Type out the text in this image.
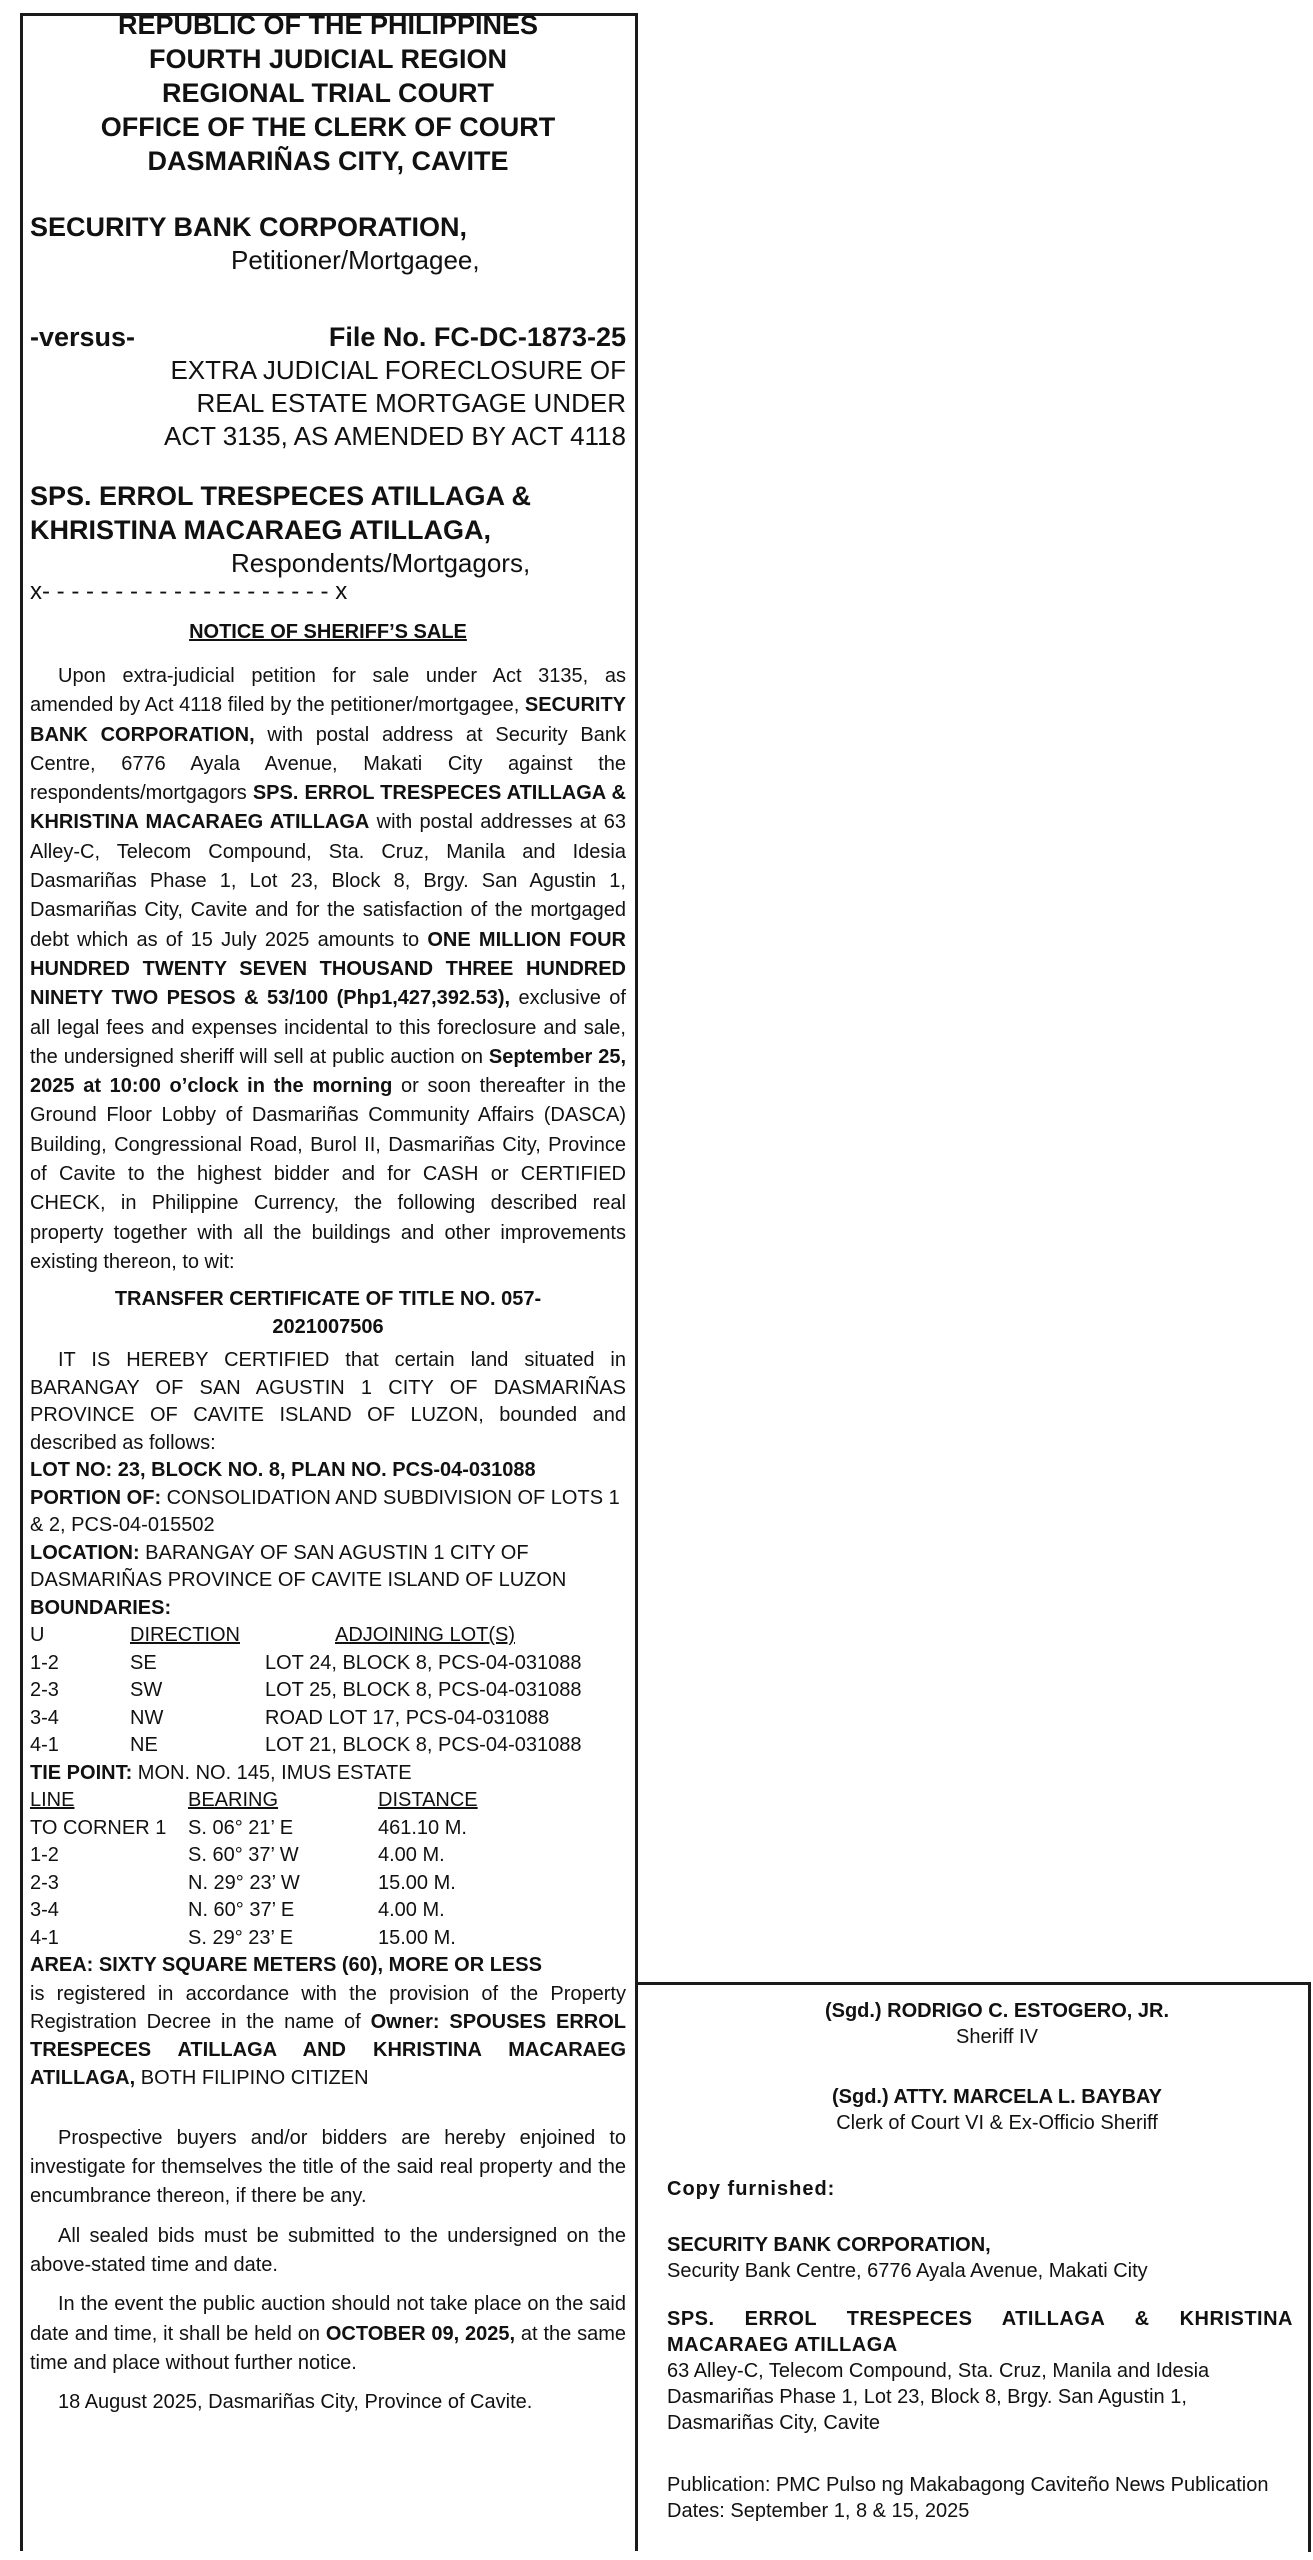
REPUBLIC OF THE PHILIPPINES
FOURTH JUDICIAL REGION
REGIONAL TRIAL COURT
OFFICE OF THE CLERK OF COURT
DASMARIÑAS CITY, CAVITE
SECURITY BANK CORPORATION,
Petitioner/Mortgagee,
-versus-	File No. FC-DC-1873-25
EXTRA JUDICIAL FORECLOSURE OF
REAL ESTATE MORTGAGE UNDER
ACT 3135, AS AMENDED BY ACT 4118
SPS. ERROL TRESPECES ATILLAGA &
KHRISTINA MACARAEG ATILLAGA,
Respondents/Mortgagors,
x- - - - - - - - - - - - - - - - - - - - x
NOTICE OF SHERIFF’S SALE

Upon extra-judicial petition for sale under Act 3135, as amended by Act 4118 filed by the petitioner/mortgagee, SECURITY BANK CORPORATION, with postal address at Security Bank Centre, 6776 Ayala Avenue, Makati City against the respondents/mortgagors SPS. ERROL TRESPECES ATILLAGA & KHRISTINA MACARAEG ATILLAGA with postal addresses at 63 Alley-C, Telecom Compound, Sta. Cruz, Manila and Idesia Dasmariñas Phase 1, Lot 23, Block 8, Brgy. San Agustin 1, Dasmariñas City, Cavite and for the satisfaction of the mortgaged debt which as of 15 July 2025 amounts to ONE MILLION FOUR HUNDRED TWENTY SEVEN THOUSAND THREE HUNDRED NINETY TWO PESOS & 53/100 (Php1,427,392.53), exclusive of all legal fees and expenses incidental to this foreclosure and sale, the undersigned sheriff will sell at public auction on September 25, 2025 at 10:00 o’clock in the morning or soon thereafter in the Ground Floor Lobby of Dasmariñas Community Affairs (DASCA) Building, Congressional Road, Burol II, Dasmariñas City, Province of Cavite to the highest bidder and for CASH or CERTIFIED CHECK, in Philippine Currency, the following described real property together with all the buildings and other improvements existing thereon, to wit:

TRANSFER CERTIFICATE OF TITLE NO. 057-
2021007506

IT IS HEREBY CERTIFIED that certain land situated in BARANGAY OF SAN AGUSTIN 1 CITY OF DASMARIÑAS PROVINCE OF CAVITE ISLAND OF LUZON, bounded and described as follows:

LOT NO: 23, BLOCK NO. 8, PLAN NO. PCS-04-031088

PORTION OF: CONSOLIDATION AND SUBDIVISION OF LOTS 1 & 2, PCS-04-015502

LOCATION: BARANGAY OF SAN AGUSTIN 1 CITY OF DASMARIÑAS PROVINCE OF CAVITE ISLAND OF LUZON

BOUNDARIES:

U	DIRECTION	ADJOINING LOT(S)
1-2	SE	LOT 24, BLOCK 8, PCS-04-031088
2-3	SW	LOT 25, BLOCK 8, PCS-04-031088
3-4	NW	ROAD LOT 17, PCS-04-031088
4-1	NE	LOT 21, BLOCK 8, PCS-04-031088

TIE POINT: MON. NO. 145, IMUS ESTATE

LINE	BEARING	DISTANCE
TO CORNER 1	S. 06° 21’ E	461.10 M.
1-2	S. 60° 37’ W	4.00 M.
2-3	N. 29° 23’ W	15.00 M.
3-4	N. 60° 37’ E	4.00 M.
4-1	S. 29° 23’ E	15.00 M.

AREA: SIXTY SQUARE METERS (60), MORE OR LESS

is registered in accordance with the provision of the Property Registration Decree in the name of Owner: SPOUSES ERROL TRESPECES ATILLAGA AND KHRISTINA MACARAEG ATILLAGA, BOTH FILIPINO CITIZEN

Prospective buyers and/or bidders are hereby enjoined to investigate for themselves the title of the said real property and the encumbrance thereon, if there be any.

All sealed bids must be submitted to the undersigned on the above-stated time and date.

In the event the public auction should not take place on the said date and time, it shall be held on OCTOBER 09, 2025, at the same time and place without further notice.

18 August 2025, Dasmariñas City, Province of Cavite.

(Sgd.) RODRIGO C. ESTOGERO, JR.
Sheriff IV
(Sgd.) ATTY. MARCELA L. BAYBAY
Clerk of Court VI & Ex-Officio Sheriff
Copy furnished:

SECURITY BANK CORPORATION,

Security Bank Centre, 6776 Ayala Avenue, Makati City

SPS. ERROL TRESPECES ATILLAGA & KHRISTINA MACARAEG ATILLAGA

63 Alley-C, Telecom Compound, Sta. Cruz, Manila and Idesia Dasmariñas Phase 1, Lot 23, Block 8, Brgy. San Agustin 1, Dasmariñas City, Cavite

Publication: PMC Pulso ng Makabagong Caviteño News Publication

Dates: September 1, 8 & 15, 2025
